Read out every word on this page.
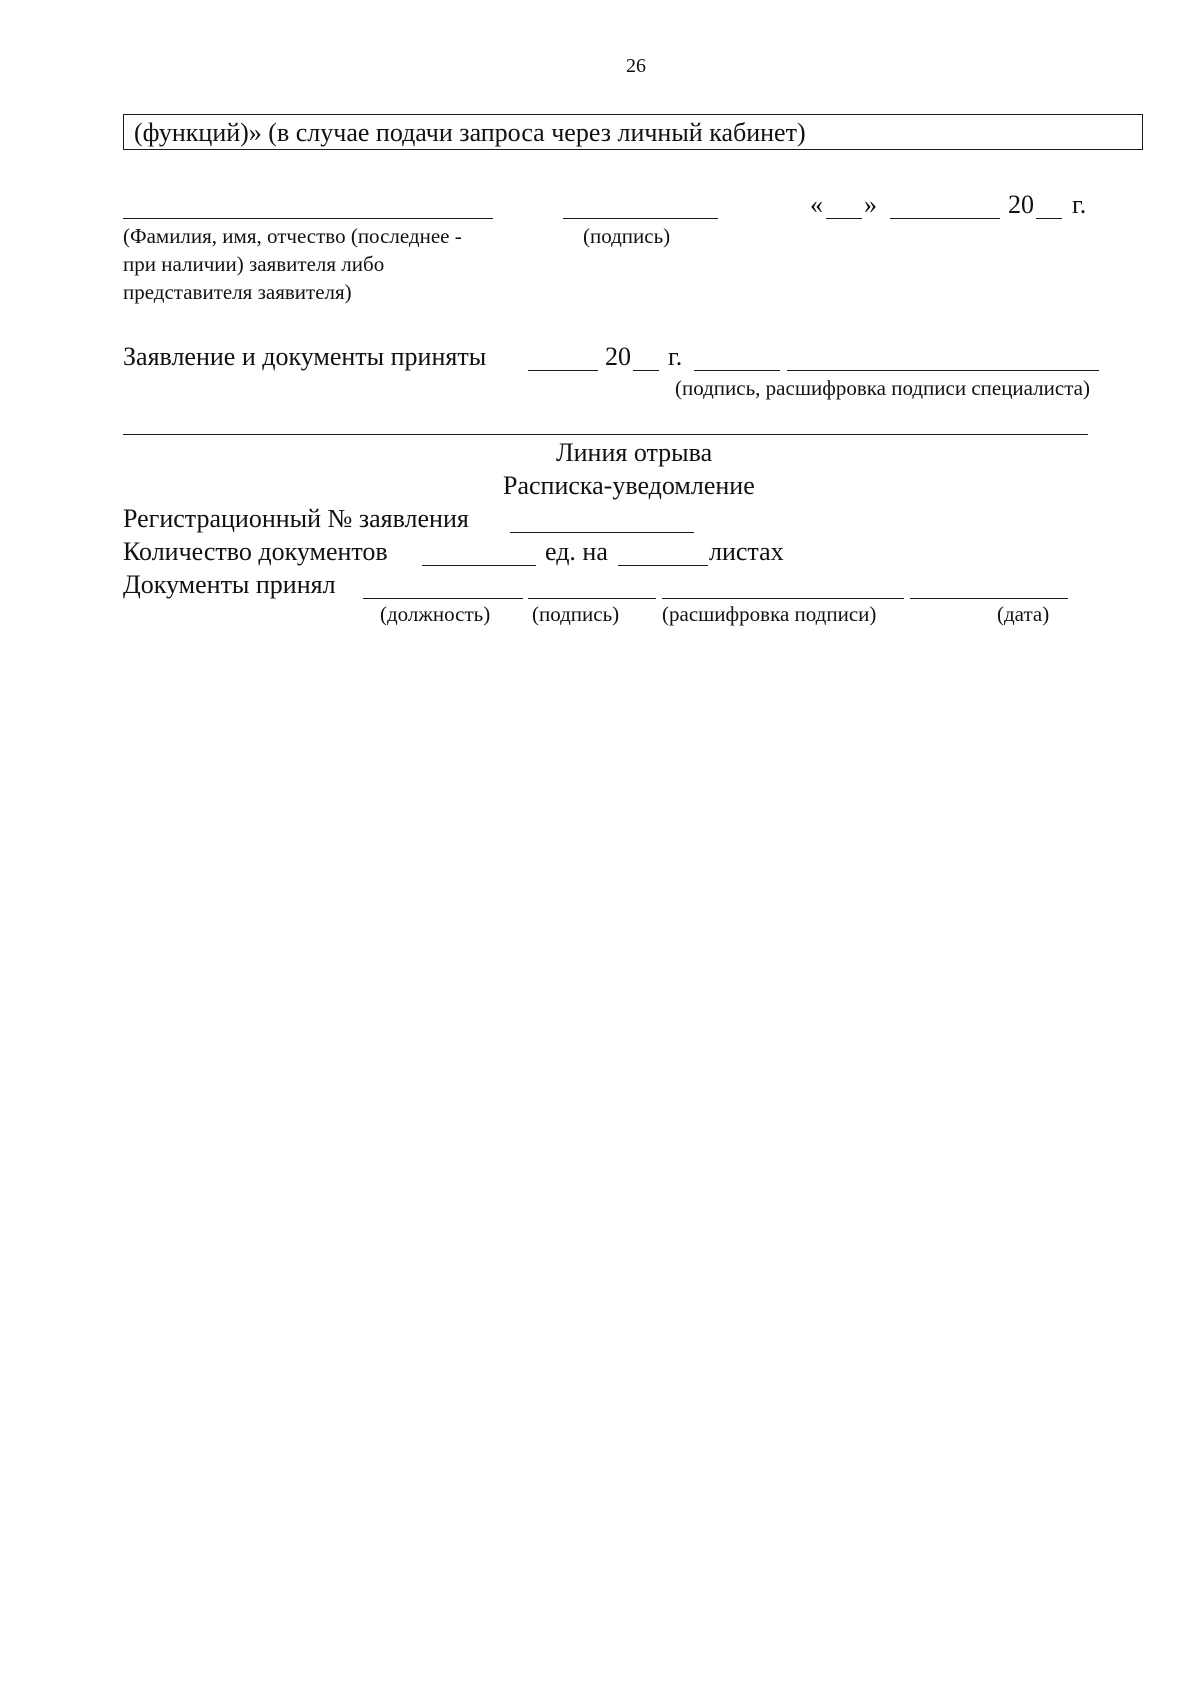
26
(функций)» (в случае подачи запроса через личный кабинет)
« »	20 г.
(Фамилия, имя, отчество (последнее -
при наличии) заявителя либо
представителя заявителя)
(подпись)
Заявление и документы приняты	20 г.
(подпись, расшифровка подписи специалиста)
Линия отрыва
Расписка-уведомление
Регистрационный № заявления
Количество документов	ед. на	листах
Документы принял
(должность) (подпись) (расшифровка подписи)	(дата)
